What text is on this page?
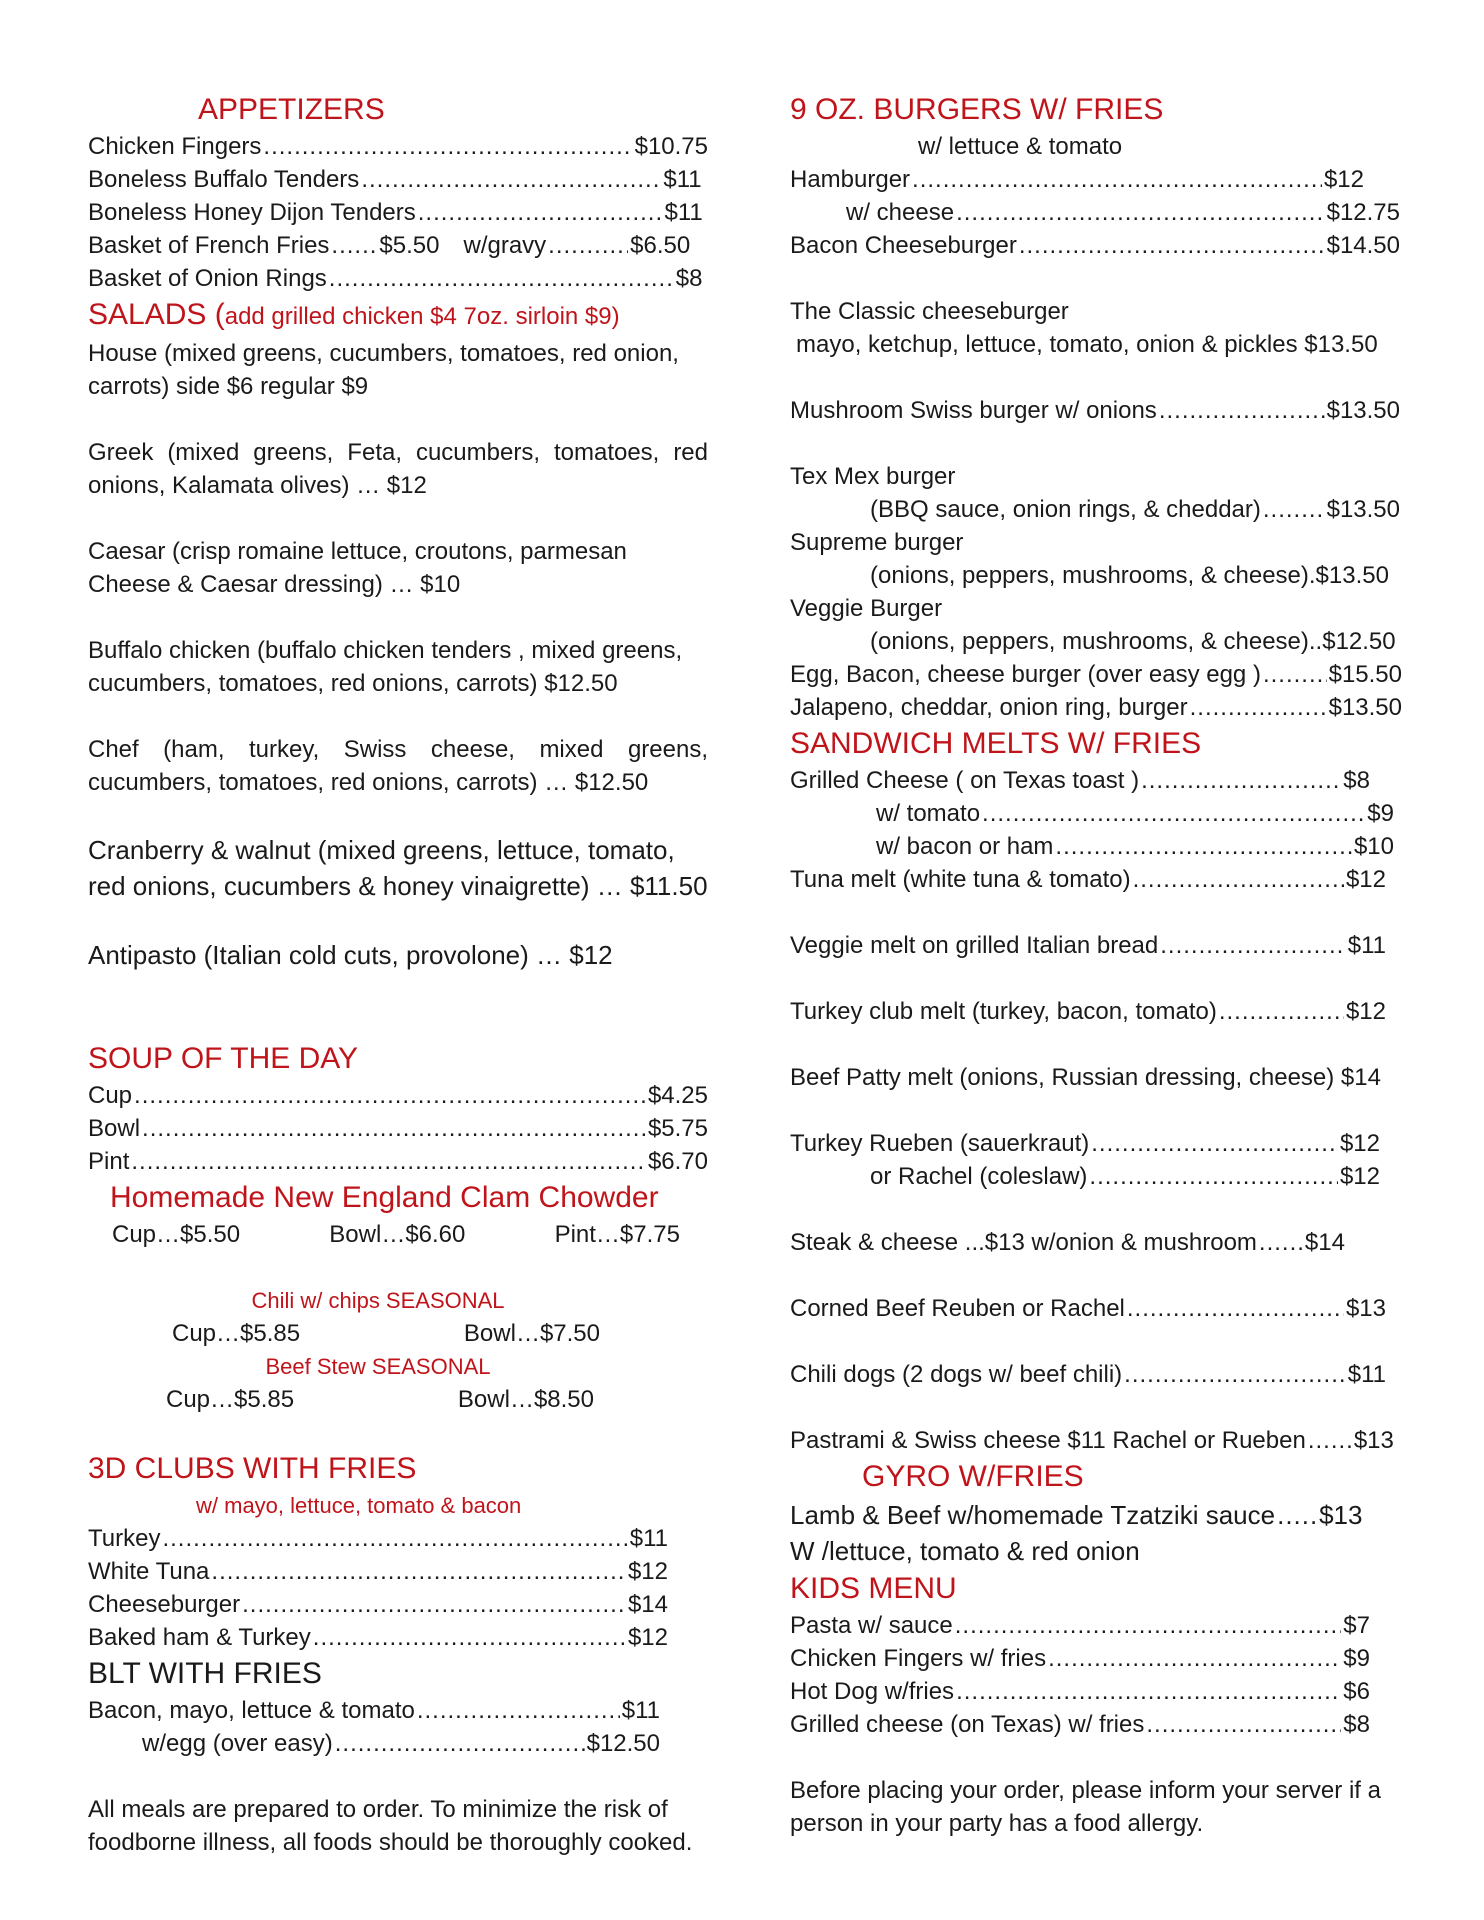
APPETIZERS
Chicken Fingers .....	$10.75
Boneless Buffalo Tenders .....	$11
Boneless Honey Dijon Tenders .....	$11
Basket of French Fries ..... $5.50 w/gravy .....	$6.50
Basket of Onion Rings .....	$8
SALADS (add grilled chicken $4 7oz. sirloin $9)
House (mixed greens, cucumbers, tomatoes, red onion, carrots) side $6 regular $9
Greek (mixed greens, Feta, cucumbers, tomatoes, red onions, Kalamata olives) … $12
Caesar (crisp romaine lettuce, croutons, parmesan Cheese & Caesar dressing) … $10
Buffalo chicken (buffalo chicken tenders , mixed greens, cucumbers, tomatoes, red onions, carrots) $12.50
Chef (ham, turkey, Swiss cheese, mixed greens, cucumbers, tomatoes, red onions, carrots) … $12.50
Cranberry & walnut (mixed greens, lettuce, tomato, red onions, cucumbers & honey vinaigrette) … $11.50
Antipasto (Italian cold cuts, provolone) … $12
SOUP OF THE DAY
Cup .....	$4.25
Bowl .....	$5.75
Pint .....	$6.70
Homemade New England Clam Chowder
Cup…$5.50	Bowl…$6.60	Pint…$7.75
Chili w/ chips SEASONAL
Cup…$5.85	Bowl…$7.50
Beef Stew SEASONAL
Cup…$5.85	Bowl…$8.50
3D CLUBS WITH FRIES
w/ mayo, lettuce, tomato & bacon
Turkey .....	$11
White Tuna .....	$12
Cheeseburger .....	$14
Baked ham & Turkey .....	$12
BLT WITH FRIES
Bacon, mayo, lettuce & tomato .....	$11
w/egg (over easy) .....	$12.50
All meals are prepared to order. To minimize the risk of foodborne illness, all foods should be thoroughly cooked.
9 OZ. BURGERS W/ FRIES
w/ lettuce & tomato
Hamburger .....	$12
w/ cheese .....	$12.75
Bacon Cheeseburger .....	$14.50
The Classic cheeseburger
mayo, ketchup, lettuce, tomato, onion & pickles $13.50
Mushroom Swiss burger w/ onions .....	$13.50
Tex Mex burger
(BBQ sauce, onion rings, & cheddar) .....	$13.50
Supreme burger
(onions, peppers, mushrooms, & cheese).$13.50
Veggie Burger
(onions, peppers, mushrooms, & cheese)..$12.50
Egg, Bacon, cheese burger (over easy egg ) .....	$15.50
Jalapeno, cheddar, onion ring, burger .....	$13.50
SANDWICH MELTS W/ FRIES
Grilled Cheese ( on Texas toast ) .....	$8
w/ tomato .....	$9
w/ bacon or ham .....	$10
Tuna melt (white tuna & tomato) .....	$12
Veggie melt on grilled Italian bread .....	$11
Turkey club melt (turkey, bacon, tomato) .....	$12
Beef Patty melt (onions, Russian dressing, cheese) $14
Turkey Rueben (sauerkraut) .....	$12
or Rachel (coleslaw) .....	$12
Steak & cheese ...$13 w/onion & mushroom ..... $14
Corned Beef Reuben or Rachel .....	$13
Chili dogs (2 dogs w/ beef chili) .....	$11
Pastrami & Swiss cheese $11 Rachel or Rueben ..... $13
GYRO W/FRIES
Lamb & Beef w/homemade Tzatziki sauce ..... $13
W /lettuce, tomato & red onion
KIDS MENU
Pasta w/ sauce .....	$7
Chicken Fingers w/ fries .....	$9
Hot Dog w/fries .....	$6
Grilled cheese (on Texas) w/ fries .....	$8
Before placing your order, please inform your server if a person in your party has a food allergy.
